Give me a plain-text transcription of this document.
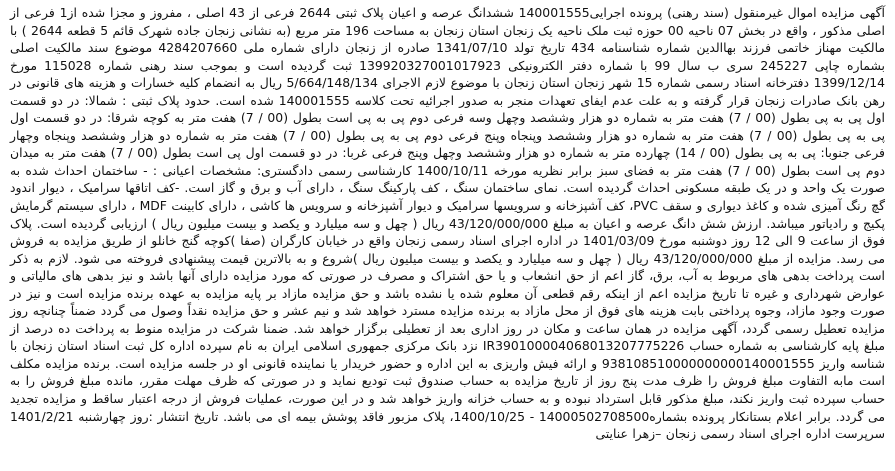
آگهی مزایده اموال غیرمنقول (سند رهنی) پرونده اجرایی140001555 ششدانگ عرصه و اعیان پلاک ثبتی 2644 فرعی از 43 اصلی ، مفروز و مجزا شده از1 فرعی از اصلی مذکور ، واقع در بخش 07 ناحیه 00 حوزه ثبت ملک ناحیه یک زنجان استان زنجان به مساحت 196 متر مربع (به نشانی زنجان جاده شهرک قائم 5 قطعه 2644 ) با مالکیت مهناز خاتمی فرزند بهاالدین شماره شناسنامه 434 تاریخ تولد 1341/07/10 صادره از زنجان دارای شماره ملی 4284207660 موضوع سند مالکیت اصلی بشماره چاپی 245227 سری ب سال 99 با شماره دفتر الکترونیکی 139920327001017923 ثبت گردیده است و بموجب سند رهنی شماره 115028 مورخ 1399/12/14 دفترخانه اسناد رسمی شماره 15 شهر زنجان استان زنجان با موضوع لازم الاجرای 5/664/148/134 ریال به انضمام کلیه خسارات و هزینه های قانونی در رهن بانک صادرات زنجان قرار گرفته و به علت عدم ایفای تعهدات منجر به صدور اجرائیه تحت کلاسه 140001555 شده است. حدود پلاک ثبتی : شمالا: در دو قسمت اول پی به پی بطول (00 / 7) هفت متر به شماره دو هزار وششصد وچهل وسه فرعی دوم پی به پی است بطول (00 / 7) هفت متر به کوچه شرقا: در دو قسمت اول پی به پی بطول (00 / 7) هفت متر به شماره دو هزار وششصد وپنجاه وپنج فرعی دوم پی به پی بطول (00 / 7) هفت متر به شماره دو هزار وششصد وپنجاه وچهار فرعی جنوبا: پی به پی بطول (00 / 14) چهارده متر به شماره دو هزار وششصد وچهل وپنج فرعی غربا: در دو قسمت اول پی است بطول (00 / 7) هفت متر به میدان دوم پی است بطول (00 / 7) هفت متر به فضای سبز برابر نظریه مورخه 1400/10/11 کارشناسی رسمی دادگستری: مشخصات اعیانی : - ساختمان احداث شده به صورت یک واحد و در یک طبقه مسکونی احداث گردیده است. نمای ساختمان سنگ ، کف پارکینگ سنگ ، دارای آب و برق و گاز است. -کف اتاقها سرامیک ، دیوار اندود گچ رنگ آمیزی شده و کاغذ دیواری و سقف PVC، کف آشپزخانه و سرویسها سرامیک و دیوار آشپزخانه و سرویس ها کاشی ، دارای کابینت MDF ، دارای سیستم گرمایش پکیج و رادیاتور میباشد. ارزش شش دانگ عرصه و اعیان به مبلغ 43/120/000/000 ریال ( چهل و سه میلیارد و یکصد و بیست میلیون ریال ) ارزیابی گردیده است. پلاک فوق از ساعت 9 الی 12 روز دوشنبه مورخ 1401/03/09 در اداره اجرای اسناد رسمی زنجان واقع در خیابان کارگران (صفا )کوچه گنج خانلو از طریق مزایده به فروش می رسد. مزایده از مبلغ 43/120/000/000 ریال ( چهل و سه میلیارد و یکصد و بیست میلیون ریال )شروع و به بالاترین قیمت پیشنهادی فروخته می شود. لازم به ذکر است پرداخت بدهی های مربوط به آب، برق، گاز اعم از حق انشعاب و یا حق اشتراک و مصرف در صورتی که مورد مزایده دارای آنها باشد و نیز بدهی های مالیاتی و عوارض شهرداری و غیره تا تاریخ مزایده اعم از اینکه رقم قطعی آن معلوم شده یا نشده باشد و حق مزایده مازاد بر پایه مزایده به عهده برنده مزایده است و نیز در صورت وجود مازاد، وجوه پرداختی بابت هزینه های فوق از محل مازاد به برنده مزایده مسترد خواهد شد و نیم عشر و حق مزایده نقداً وصول می گردد ضمناً چنانچه روز مزایده تعطیل رسمی گردد، آگهی مزایده در همان ساعت و مکان در روز اداری بعد از تعطیلی برگزار خواهد شد. ضمنا شرکت در مزایده منوط به پرداخت ده درصد از مبلغ پایه کارشناسی به شماره حساب IR390100004068013207775226 نزد بانک مرکزی جمهوری اسلامی ایران به نام سپرده اداره کل ثبت اسناد استان زنجان با شناسه واریز 938108510000000000140001555 و ارائه فیش واریزی به این اداره و حضور خریدار یا نماینده قانونی او در جلسه مزایده است. برنده مزایده مکلف است مابه التفاوت مبلغ فروش را ظرف مدت پنج روز از تاریخ مزایده به حساب صندوق ثبت تودیع نماید و در صورتی که ظرف مهلت مقرر، مانده مبلغ فروش را به حساب سپرده ثبت واریز نکند، مبلغ مذکور قابل استرداد نبوده و به حساب خزانه واریز خواهد شد و در این صورت، عملیات فروش از درجه اعتبار ساقط و مزایده تجدید می گردد. برابر اعلام بستانکار پرونده بشماره14000502708500 - 1400/10/25، پلاک مزبور فاقد پوشش بیمه ای می باشد. تاریخ انتشار :روز چهارشنبه 1401/2/21 سرپرست اداره اجرای اسناد رسمی زنجان –زهرا عنایتی
